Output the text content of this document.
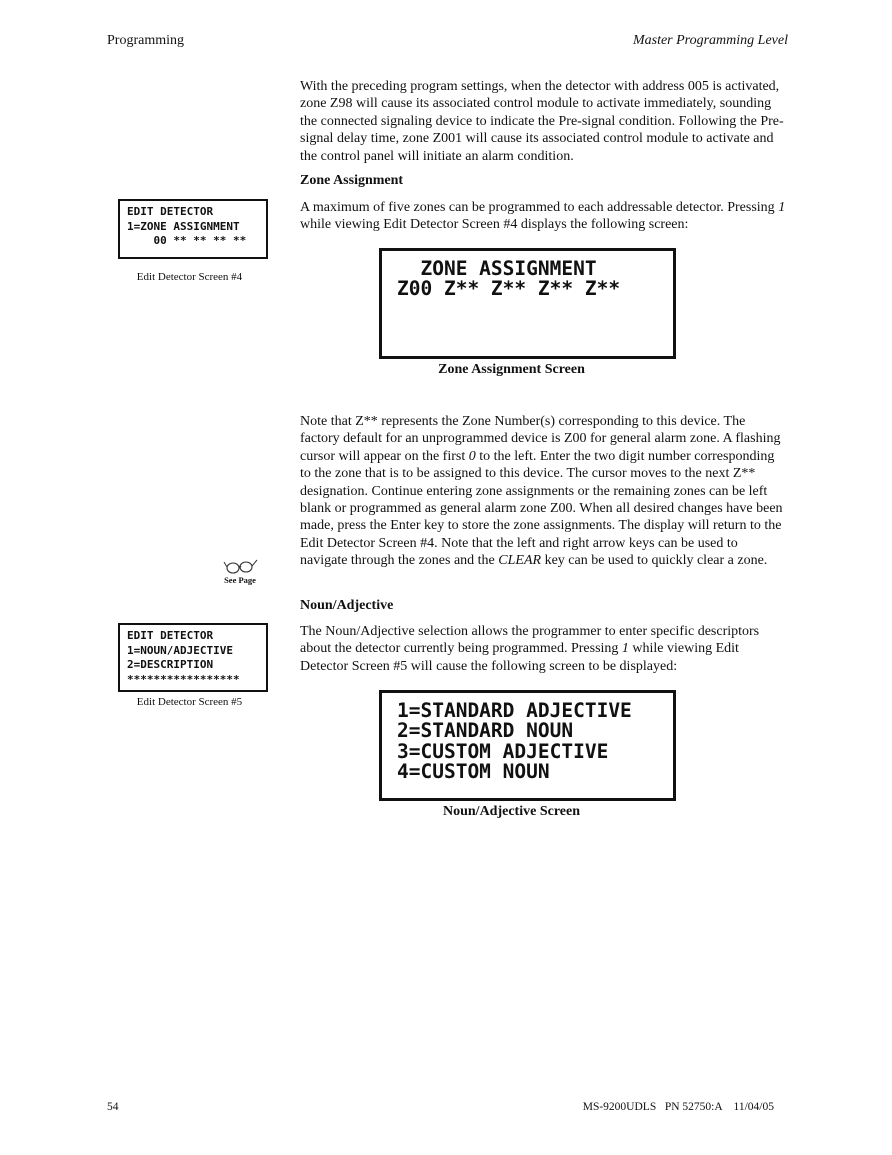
Programming	Master Programming Level

With the preceding program settings, when the detector with address 005 is activated, zone Z98 will cause its associated control module to activate immediately, sounding the connected signaling device to indicate the Pre-signal condition. Following the Pre-signal delay time, zone Z001 will cause its associated control module to activate and the control panel will initiate an alarm condition.

Zone Assignment

A maximum of five zones can be programmed to each addressable detector. Pressing 1 while viewing Edit Detector Screen #4 displays the following screen:

EDIT DETECTOR
1=ZONE ASSIGNMENT
00 ** ** ** **
Edit Detector Screen #4	ZONE ASSIGNMENT
Z00 Z** Z** Z** Z**
Zone Assignment Screen

Note that Z** represents the Zone Number(s) corresponding to this device. The factory default for an unprogrammed device is Z00 for general alarm zone. A flashing cursor will appear on the first 0 to the left. Enter the two digit number corresponding to the zone that is to be assigned to this device. The cursor moves to the next Z** designation. Continue entering zone assignments or the remaining zones can be left blank or programmed as general alarm zone Z00. When all desired changes have been made, press the Enter key to store the zone assignments. The display will return to the Edit Detector Screen #4. Note that the left and right arrow keys can be used to navigate through the zones and the CLEAR key can be used to quickly clear a zone.

See Page
Noun/Adjective

The Noun/Adjective selection allows the programmer to enter specific descriptors about the detector currently being programmed. Pressing 1 while viewing Edit Detector Screen #5 will cause the following screen to be displayed:

EDIT DETECTOR
1=NOUN/ADJECTIVE
2=DESCRIPTION
*****************
Edit Detector Screen #5	1=STANDARD ADJECTIVE
2=STANDARD NOUN
3=CUSTOM ADJECTIVE
4=CUSTOM NOUN
Noun/Adjective Screen
54	MS-9200UDLS   PN 52750:A    11/04/05
